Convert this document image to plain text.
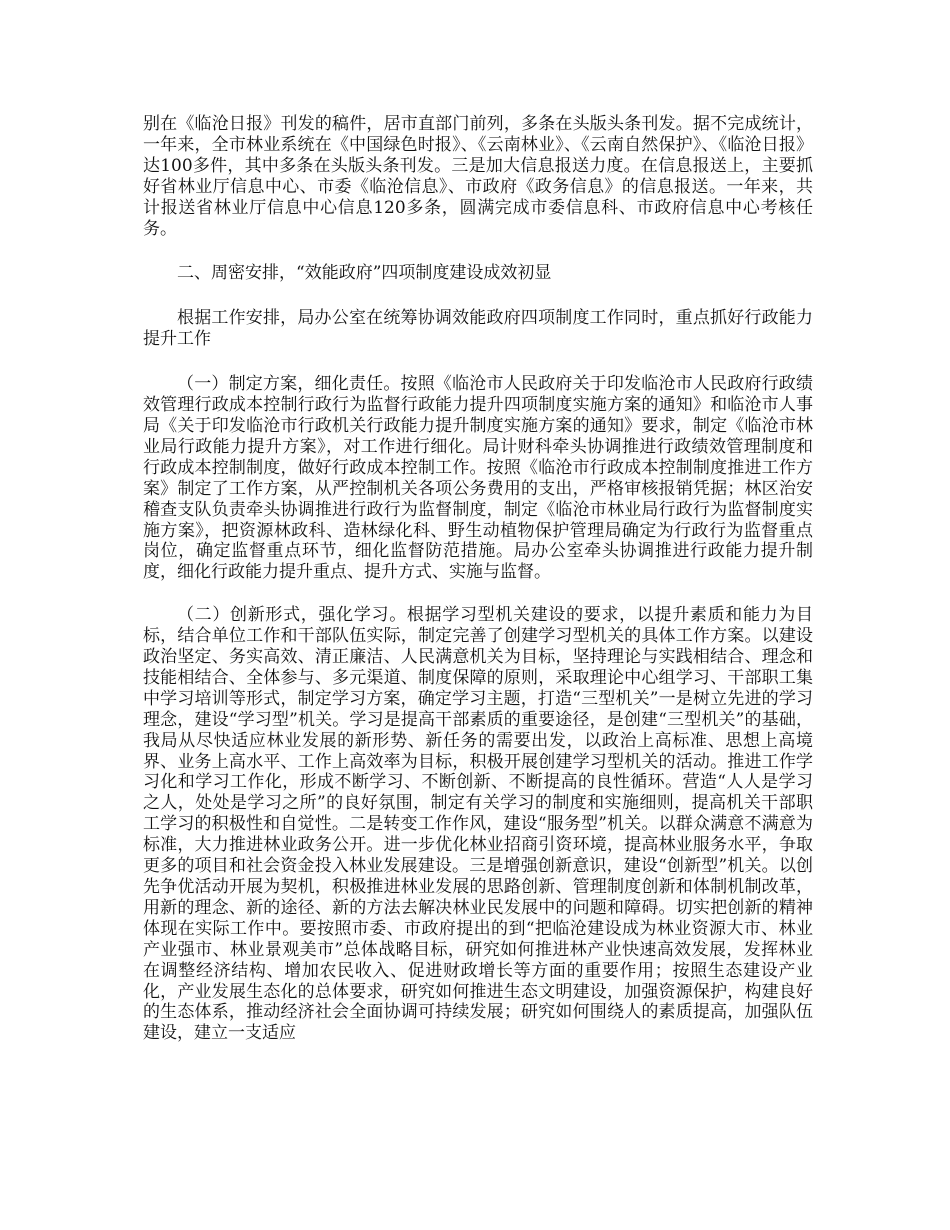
别在《临沧日报》刊发的稿件，居市直部门前列，多条在头版头条刊发。据不完成统计，一年来，全市林业系统在《中国绿色时报》、《云南林业》、《云南自然保护》、《临沧日报》达100多件，其中多条在头版头条刊发。三是加大信息报送力度。在信息报送上，主要抓好省林业厅信息中心、市委《临沧信息》、市政府《政务信息》的信息报送。一年来，共计报送省林业厅信息中心信息120多条，圆满完成市委信息科、市政府信息中心考核任务。

二、周密安排，“效能政府”四项制度建设成效初显

根据工作安排，局办公室在统筹协调效能政府四项制度工作同时，重点抓好行政能力提升工作

（一）制定方案，细化责任。按照《临沧市人民政府关于印发临沧市人民政府行政绩效管理行政成本控制行政行为监督行政能力提升四项制度实施方案的通知》和临沧市人事局《关于印发临沧市行政机关行政能力提升制度实施方案的通知》要求，制定《临沧市林业局行政能力提升方案》，对工作进行细化。局计财科牵头协调推进行政绩效管理制度和行政成本控制制度，做好行政成本控制工作。按照《临沧市行政成本控制制度推进工作方案》制定了工作方案，从严控制机关各项公务费用的支出，严格审核报销凭据；林区治安稽查支队负责牵头协调推进行政行为监督制度，制定《临沧市林业局行政行为监督制度实施方案》，把资源林政科、造林绿化科、野生动植物保护管理局确定为行政行为监督重点岗位，确定监督重点环节，细化监督防范措施。局办公室牵头协调推进行政能力提升制度，细化行政能力提升重点、提升方式、实施与监督。

（二）创新形式，强化学习。根据学习型机关建设的要求，以提升素质和能力为目标，结合单位工作和干部队伍实际，制定完善了创建学习型机关的具体工作方案。以建设政治坚定、务实高效、清正廉洁、人民满意机关为目标，坚持理论与实践相结合、理念和技能相结合、全体参与、多元渠道、制度保障的原则，采取理论中心组学习、干部职工集中学习培训等形式，制定学习方案，确定学习主题，打造“三型机关”一是树立先进的学习理念，建设“学习型”机关。学习是提高干部素质的重要途径，是创建“三型机关”的基础，我局从尽快适应林业发展的新形势、新任务的需要出发，以政治上高标准、思想上高境界、业务上高水平、工作上高效率为目标，积极开展创建学习型机关的活动。推进工作学习化和学习工作化，形成不断学习、不断创新、不断提高的良性循环。营造“人人是学习之人，处处是学习之所”的良好氛围，制定有关学习的制度和实施细则，提高机关干部职工学习的积极性和自觉性。二是转变工作作风，建设“服务型”机关。以群众满意不满意为标准，大力推进林业政务公开。进一步优化林业招商引资环境，提高林业服务水平，争取更多的项目和社会资金投入林业发展建设。三是增强创新意识，建设“创新型”机关。以创先争优活动开展为契机，积极推进林业发展的思路创新、管理制度创新和体制机制改革，用新的理念、新的途径、新的方法去解决林业民发展中的问题和障碍。切实把创新的精神体现在实际工作中。要按照市委、市政府提出的到“把临沧建设成为林业资源大市、林业产业强市、林业景观美市”总体战略目标，研究如何推进林产业快速高效发展，发挥林业在调整经济结构、增加农民收入、促进财政增长等方面的重要作用；按照生态建设产业化，产业发展生态化的总体要求，研究如何推进生态文明建设，加强资源保护，构建良好的生态体系，推动经济社会全面协调可持续发展；研究如何围绕人的素质提高，加强队伍建设，建立一支适应
